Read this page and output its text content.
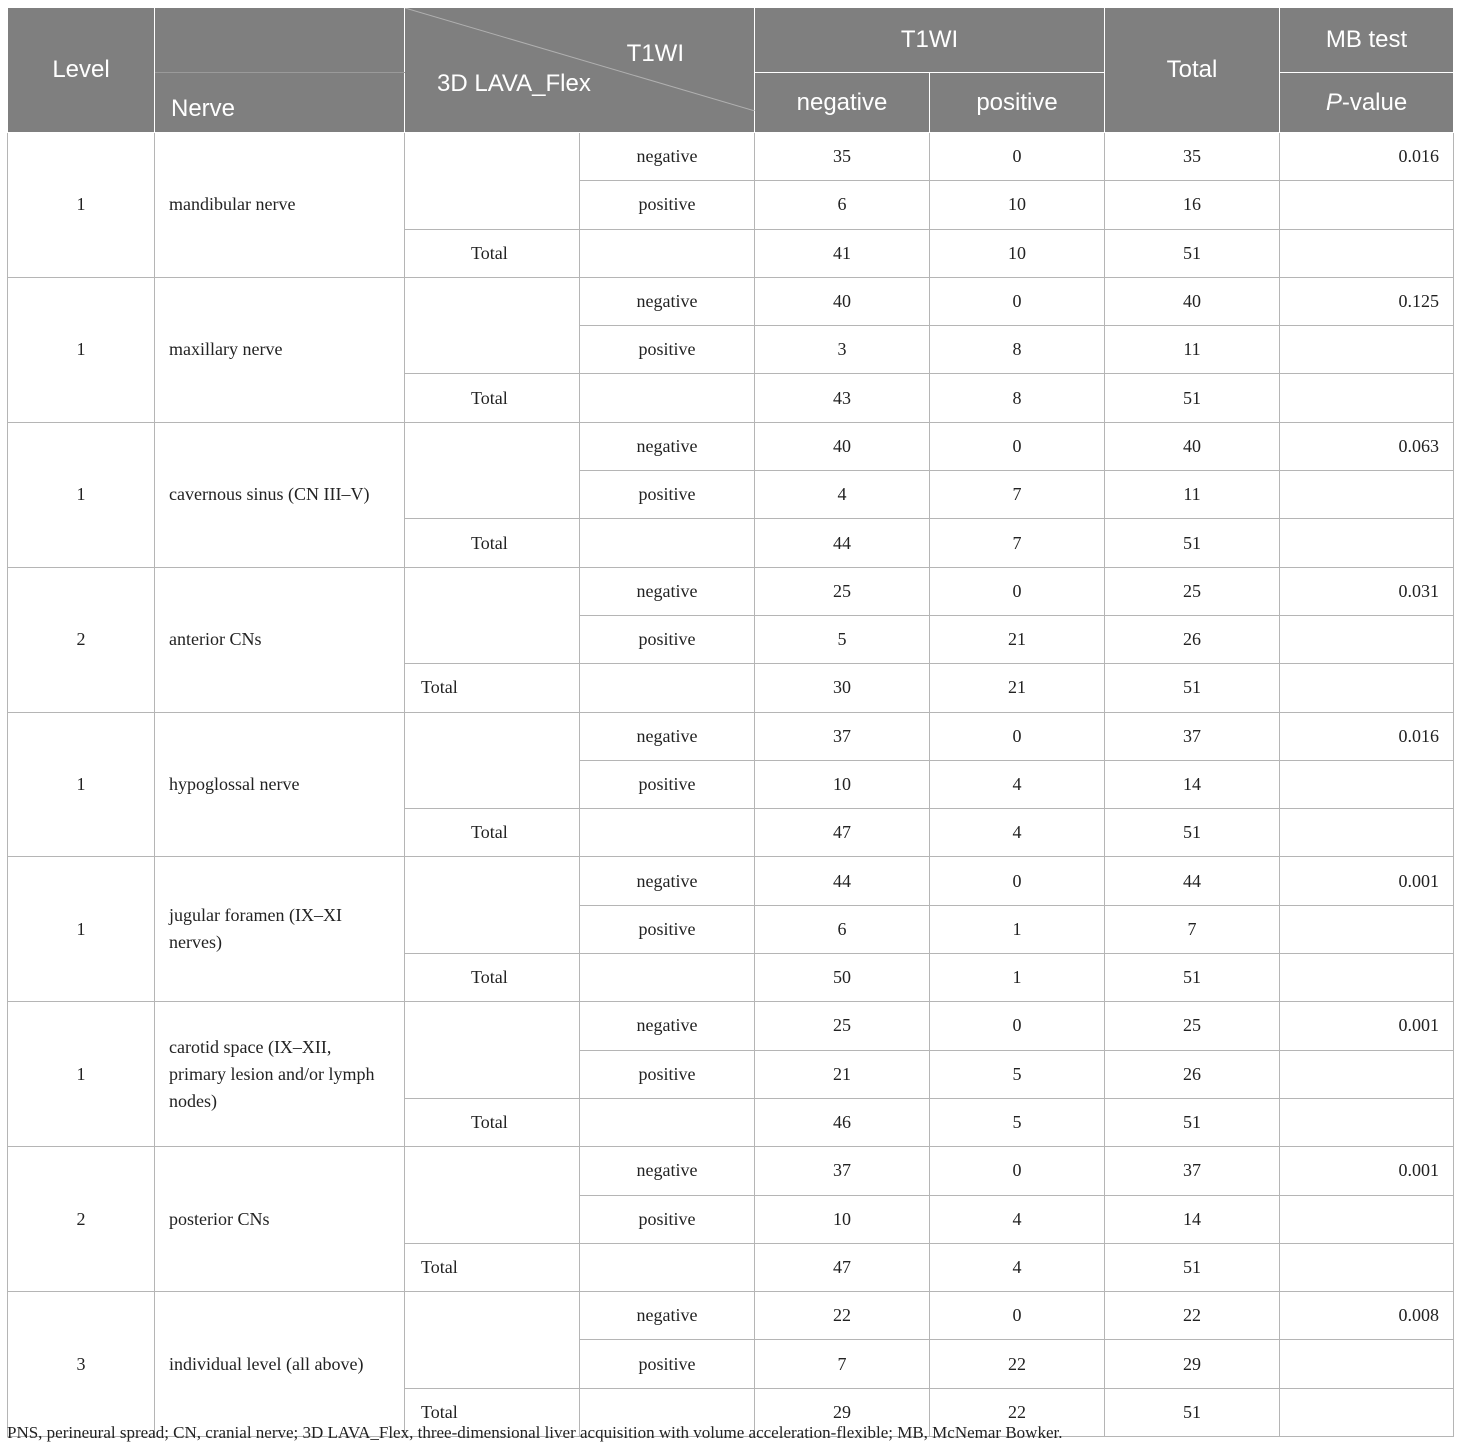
Level		T1WI
3D LAVA_Flex		T1WI		Total	MB test
	Nerve			negative	positive		P-value
1	mandibular nerve		negative	35	0	35	0.016
			positive	6	10	16	
		Total		41	10	51	
1	maxillary nerve		negative	40	0	40	0.125
			positive	3	8	11	
		Total		43	8	51	
1	cavernous sinus (CN III–V)		negative	40	0	40	0.063
			positive	4	7	11	
		Total		44	7	51	
2	anterior CNs		negative	25	0	25	0.031
			positive	5	21	26	
		Total		30	21	51	
1	hypoglossal nerve		negative	37	0	37	0.016
			positive	10	4	14	
		Total		47	4	51	
1	jugular foramen (IX–XI nerves)		negative	44	0	44	0.001
			positive	6	1	7	
		Total		50	1	51	
1	carotid space (IX–XII, primary lesion and/or lymph nodes)		negative	25	0	25	0.001
			positive	21	5	26	
		Total		46	5	51	
2	posterior CNs		negative	37	0	37	0.001
			positive	10	4	14	
		Total		47	4	51	
3	individual level (all above)		negative	22	0	22	0.008
			positive	7	22	29	
		Total		29	22	51	
PNS, perineural spread; CN, cranial nerve; 3D LAVA_Flex, three-dimensional liver acquisition with volume acceleration-flexible; MB, McNemar Bowker.
